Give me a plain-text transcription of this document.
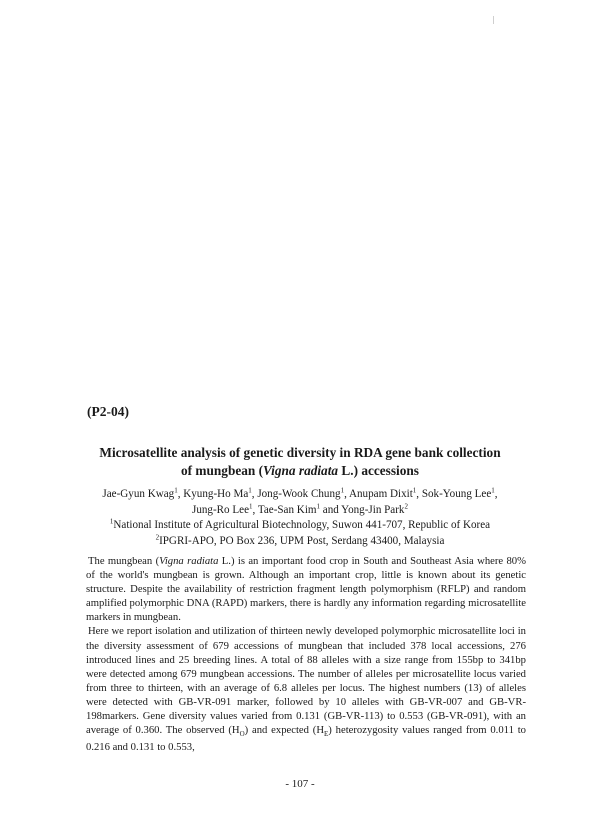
(P2-04)
Microsatellite analysis of genetic diversity in RDA gene bank collection
of mungbean (Vigna radiata L.) accessions
Jae-Gyun Kwag$^1$, Kyung-Ho Ma$^1$, Jong-Wook Chung$^1$, Anupam Dixit$^1$, Sok-Young Lee$^1$,
Jung-Ro Lee$^1$, Tae-San Kim$^1$ and Yong-Jin Park$^2$
$^1$National Institute of Agricultural Biotechnology, Suwon 441-707, Republic of Korea
$^2$IPGRI-APO, PO Box 236, UPM Post, Serdang 43400, Malaysia

The mungbean (Vigna radiata L.) is an important food crop in South and Southeast Asia where 80% of the world's mungbean is grown. Although an important crop, little is known about its genetic structure. Despite the availability of restriction fragment length polymorphism (RFLP) and random amplified polymorphic DNA (RAPD) markers, there is hardly any information regarding microsatellite markers in mungbean.

Here we report isolation and utilization of thirteen newly developed polymorphic microsatellite loci in the diversity assessment of 679 accessions of mungbean that included 378 local accessions, 276 introduced lines and 25 breeding lines. A total of 88 alleles with a size range from 155bp to 341bp were detected among 679 mungbean accessions. The number of alleles per microsatellite locus varied from three to thirteen, with an average of 6.8 alleles per locus. The highest numbers (13) of alleles were detected with GB-VR-091 marker, followed by 10 alleles with GB-VR-007 and GB-VR-198markers. Gene diversity values varied from 0.131 (GB-VR-113) to 0.553 (GB-VR-091), with an average of 0.360. The observed $(H_O)$ and expected $(H_E)$ heterozygosity values ranged from 0.011 to 0.216 and 0.131 to 0.553,

- 107 -
